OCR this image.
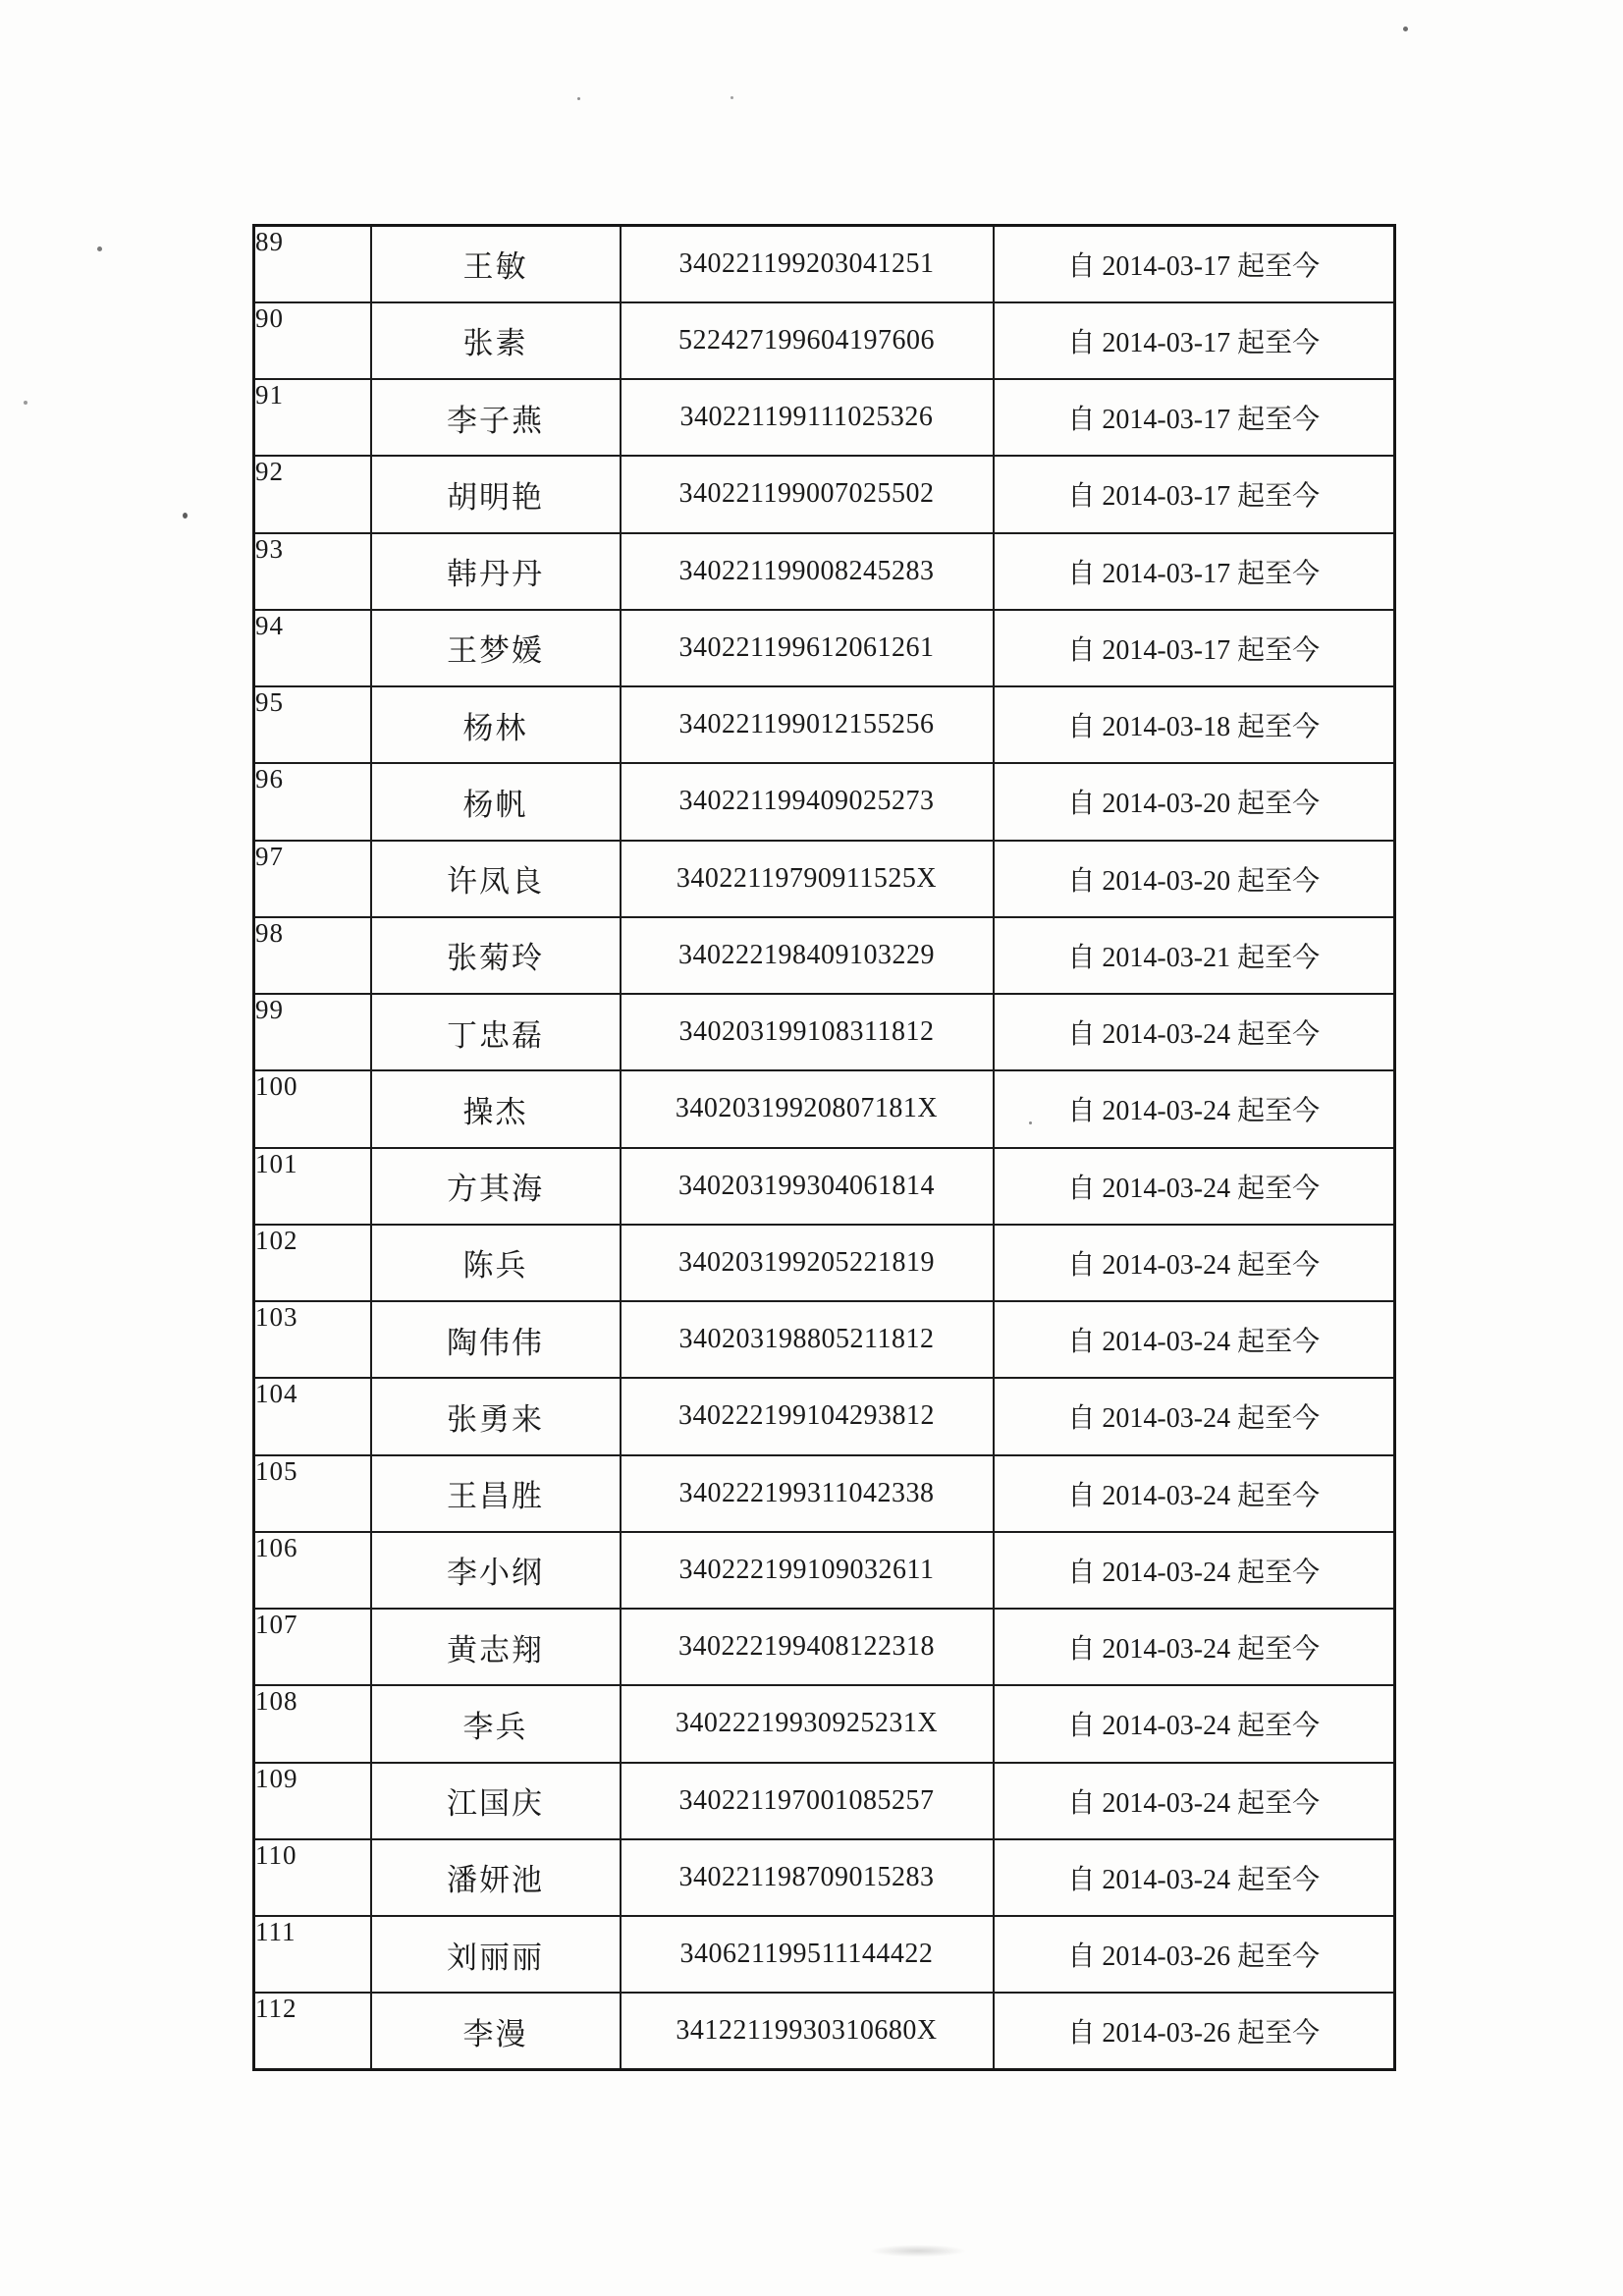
89	王敏	340221199203041251	自 2014-03-17 起至今
90	张素	522427199604197606	自 2014-03-17 起至今
91	李子燕	340221199111025326	自 2014-03-17 起至今
92	胡明艳	340221199007025502	自 2014-03-17 起至今
93	韩丹丹	340221199008245283	自 2014-03-17 起至今
94	王梦媛	340221199612061261	自 2014-03-17 起至今
95	杨林	340221199012155256	自 2014-03-18 起至今
96	杨帆	340221199409025273	自 2014-03-20 起至今
97	许凤良	34022119790911525X	自 2014-03-20 起至今
98	张菊玲	340222198409103229	自 2014-03-21 起至今
99	丁忠磊	340203199108311812	自 2014-03-24 起至今
100	操杰	34020319920807181X	自 2014-03-24 起至今
101	方其海	340203199304061814	自 2014-03-24 起至今
102	陈兵	340203199205221819	自 2014-03-24 起至今
103	陶伟伟	340203198805211812	自 2014-03-24 起至今
104	张勇来	340222199104293812	自 2014-03-24 起至今
105	王昌胜	340222199311042338	自 2014-03-24 起至今
106	李小纲	340222199109032611	自 2014-03-24 起至今
107	黄志翔	340222199408122318	自 2014-03-24 起至今
108	李兵	34022219930925231X	自 2014-03-24 起至今
109	江国庆	340221197001085257	自 2014-03-24 起至今
110	潘妍池	340221198709015283	自 2014-03-24 起至今
111	刘丽丽	340621199511144422	自 2014-03-26 起至今
112	李漫	34122119930310680X	自 2014-03-26 起至今
